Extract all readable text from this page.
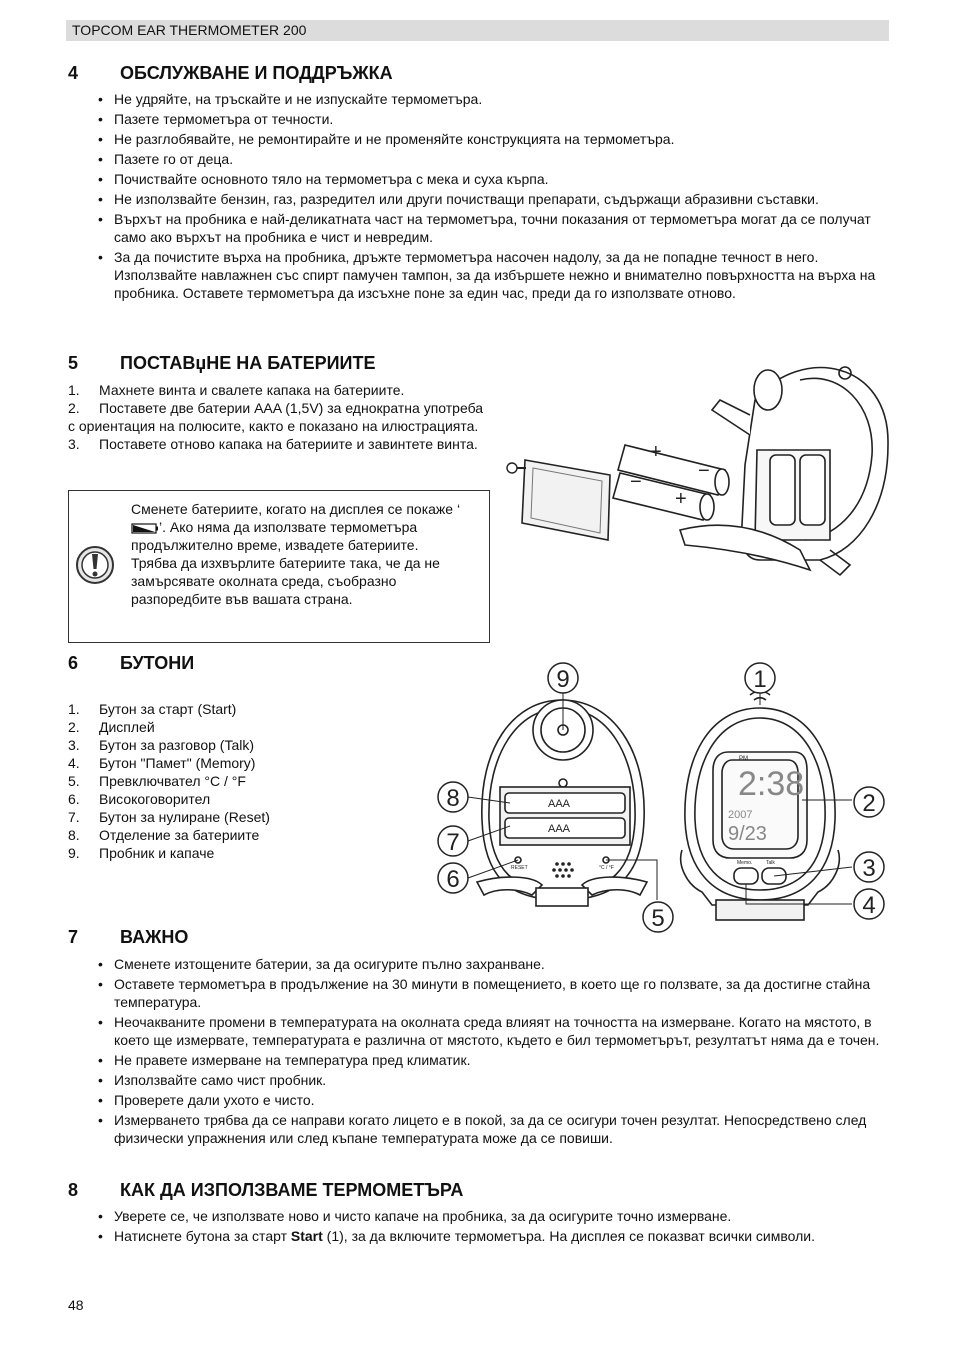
TOPCOM EAR THERMOMETER 200
4 ОБСЛУЖВАНЕ И ПОДДРЪЖКА
• Не удряйте, на тръскайте и не изпускайте термометъра.
• Пазете термометъра от течности.
• Не разглобявайте, не ремонтирайте и не променяйте конструкцията на термометъра.
• Пазете го от деца.
• Почиствайте основното тяло на термометъра с мека и суха кърпа.
• Не използвайте бензин, газ, разредител или други почистващи препарати, съдържащи абразивни съставки.
• Върхът на пробника е най-деликатната част на термометъра, точни показания от термометъра могат да се получат само ако върхът на пробника е чист и невредим.
• За да почистите върха на пробника, дръжте термометъра насочен надолу, за да не попадне течност в него. Използвайте навлажнен със спирт памучен тампон, за да избършете нежно и внимателно повърхността на върха на пробника. Оставете термометъра да изсъхне поне за един час, преди да го използвате отново.
5 ПОСТАВџНЕ НА БАТЕРИИТЕ

1. Махнете винта и свалете капака на батериите.

2. Поставете две батерии AAA (1,5V) за еднократна употреба с ориентация на полюсите, както е показано на илюстрацията.

3. Поставете отново капака на батериите и завинтете винта.

Сменете батериите, когато на дисплея се покаже ‘’. Ако няма да използвате термометъра продължително време, извадете батериите.

Трябва да изхвърлите батериите така, че да не замърсявате околната среда, съобразно разпоредбите във вашата страна.

+
−
−
+
6 БУТОНИ

1. Бутон за старт (Start)

2. Дисплей

3. Бутон за разговор (Talk)

4. Бутон "Памет" (Memory)

5. Превключвател °C / °F

6. Високоговорител

7. Бутон за нулиране (Reset)

8. Отделение за батериите

9. Пробник и капаче

AAA
AAA
RESET	°C / °F
PM
2:38
2007
9/23
Memo.	Talk
9
8
7
6
5
1
2
3
4
7 ВАЖНО
• Сменете изтощените батерии, за да осигурите пълно захранване.
• Оставете термометъра в продължение на 30 минути в помещението, в което ще го ползвате, за да достигне стайна температура.
• Неочакваните промени в температурата на околната среда влияят на точността на измерване. Когато на мястото, в което ще измервате, температурата е различна от мястото, където е бил термометърът, резултатът няма да е точен.
• Не правете измерване на температура пред климатик.
• Използвайте само чист пробник.
• Проверете дали ухото е чисто.
• Измерването трябва да се направи когато лицето е в покой, за да се осигури точен резултат. Непосредствено след физически упражнения или след къпане температурата може да се повиши.
8 КАК ДА ИЗПОЛЗВАМЕ ТЕРМОМЕТЪРА
• Уверете се, че използвате ново и чисто капаче на пробника, за да осигурите точно измерване.
• Натиснете бутона за старт Start (1), за да включите термометъра. На дисплея се показват всички символи.
48
